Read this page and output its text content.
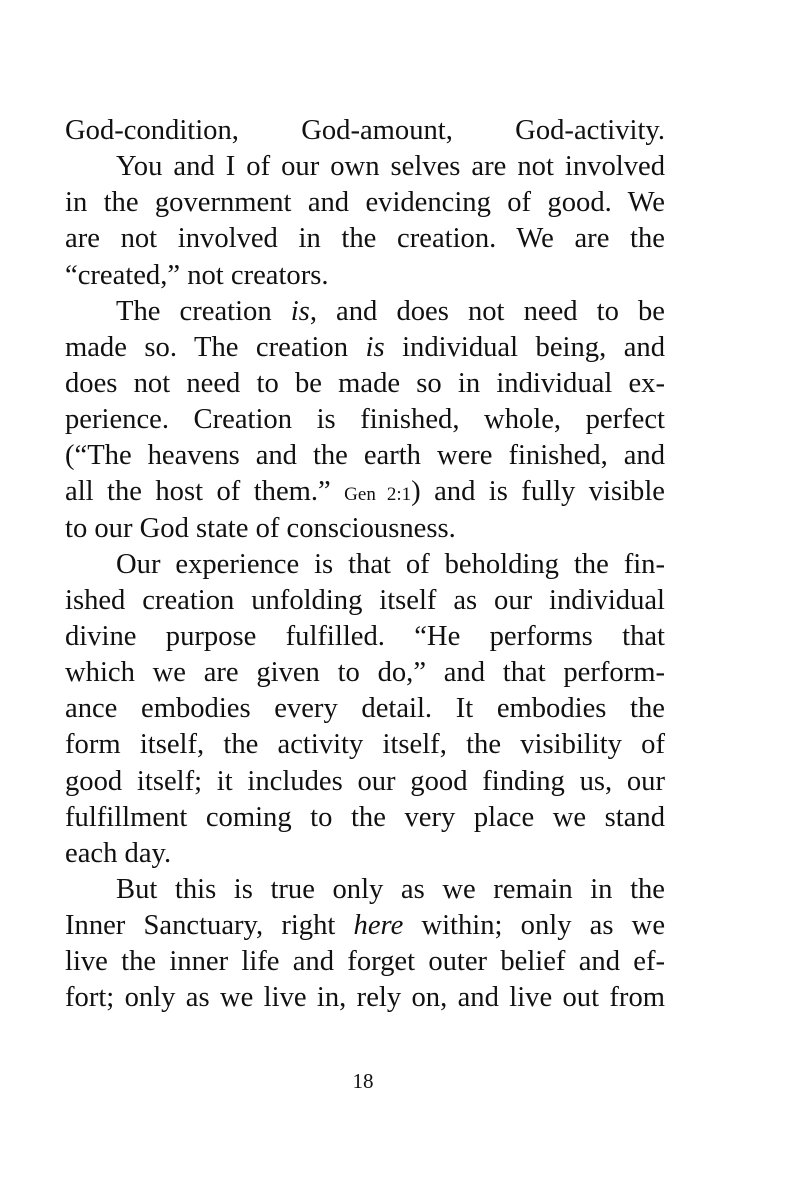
God-condition, God-amount, God-activity.
You and I of our own selves are not involved
in the government and evidencing of good. We
are not involved in the creation. We are the
“created,” not creators.
The creation is, and does not need to be
made so. The creation is individual being, and
does not need to be made so in individual ex-
perience. Creation is finished, whole, perfect
(“The heavens and the earth were finished, and
all the host of them.” Gen 2:1) and is fully visible
to our God state of consciousness.
Our experience is that of beholding the fin-
ished creation unfolding itself as our individual
divine purpose fulfilled. “He performs that
which we are given to do,” and that perform-
ance embodies every detail. It embodies the
form itself, the activity itself, the visibility of
good itself; it includes our good finding us, our
fulfillment coming to the very place we stand
each day.
But this is true only as we remain in the
Inner Sanctuary, right here within; only as we
live the inner life and forget outer belief and ef-
fort; only as we live in, rely on, and live out from
18
